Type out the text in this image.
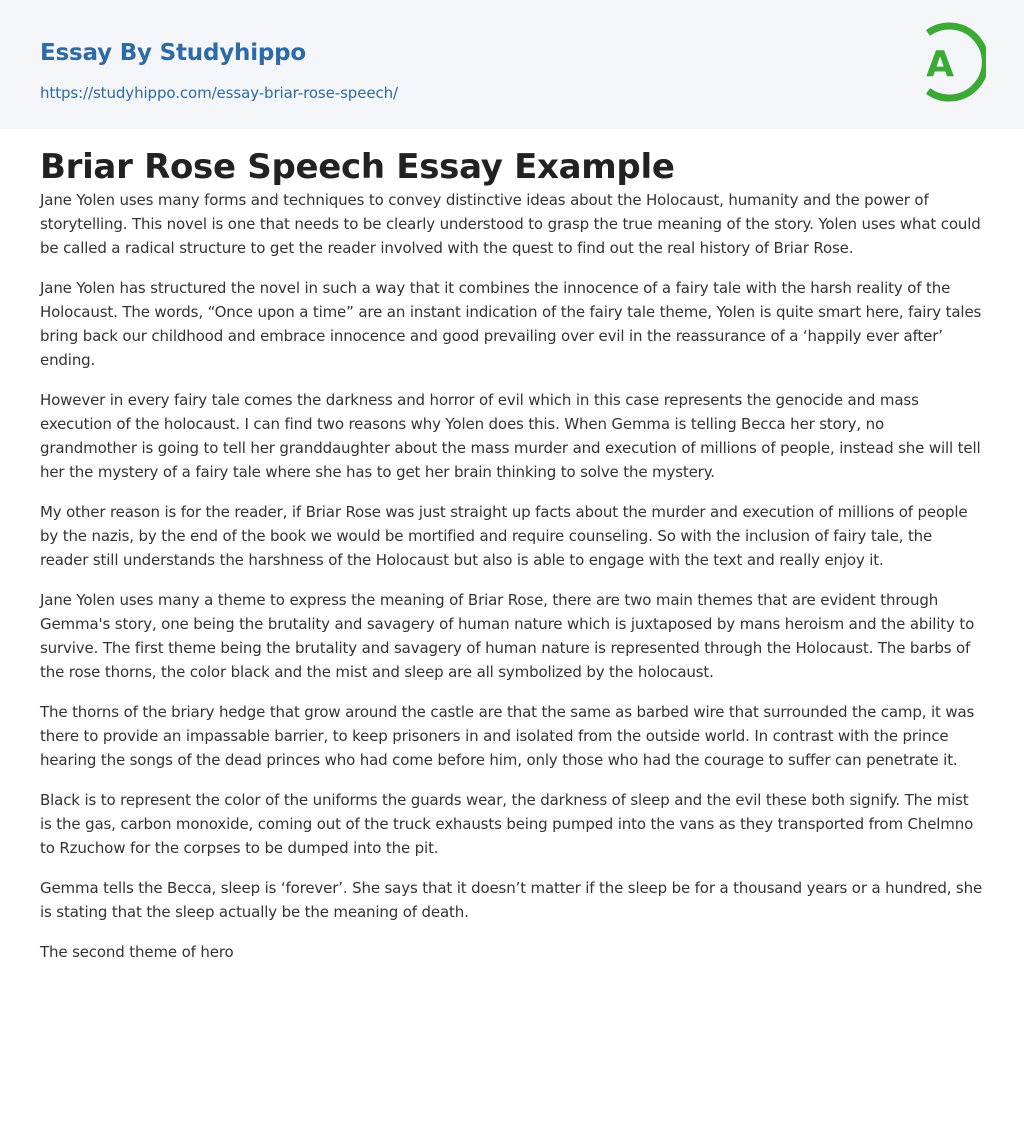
Essay By Studyhippo
https://studyhippo.com/essay-briar-rose-speech/
A
Briar Rose Speech Essay Example

Jane Yolen uses many forms and techniques to convey distinctive ideas about the Holocaust, humanity and the power of storytelling. This novel is one that needs to be clearly understood to grasp the true meaning of the story. Yolen uses what could be called a radical structure to get the reader involved with the quest to find out the real history of Briar Rose.

Jane Yolen has structured the novel in such a way that it combines the innocence of a fairy tale with the harsh reality of the Holocaust. The words, “Once upon a time” are an instant indication of the fairy tale theme, Yolen is quite smart here, fairy tales bring back our childhood and embrace innocence and good prevailing over evil in the reassurance of a ‘happily ever after’ ending.

However in every fairy tale comes the darkness and horror of evil which in this case represents the genocide and mass execution of the holocaust. I can find two reasons why Yolen does this. When Gemma is telling Becca her story, no grandmother is going to tell her granddaughter about the mass murder and execution of millions of people, instead she will tell her the mystery of a fairy tale where she has to get her brain thinking to solve the mystery.

My other reason is for the reader, if Briar Rose was just straight up facts about the murder and execution of millions of people by the nazis, by the end of the book we would be mortified and require counseling. So with the inclusion of fairy tale, the reader still understands the harshness of the Holocaust but also is able to engage with the text and really enjoy it.

Jane Yolen uses many a theme to express the meaning of Briar Rose, there are two main themes that are evident through Gemma's story, one being the brutality and savagery of human nature which is juxtaposed by mans heroism and the ability to survive. The first theme being the brutality and savagery of human nature is represented through the Holocaust. The barbs of the rose thorns, the color black and the mist and sleep are all symbolized by the holocaust.

The thorns of the briary hedge that grow around the castle are that the same as barbed wire that surrounded the camp, it was there to provide an impassable barrier, to keep prisoners in and isolated from the outside world. In contrast with the prince hearing the songs of the dead princes who had come before him, only those who had the courage to suffer can penetrate it.

Black is to represent the color of the uniforms the guards wear, the darkness of sleep and the evil these both signify. The mist is the gas, carbon monoxide, coming out of the truck exhausts being pumped into the vans as they transported from Chelmno to Rzuchow for the corpses to be dumped into the pit.

Gemma tells the Becca, sleep is ‘forever’. She says that it doesn’t matter if the sleep be for a thousand years or a hundred, she is stating that the sleep actually be the meaning of death.

The second theme of hero
